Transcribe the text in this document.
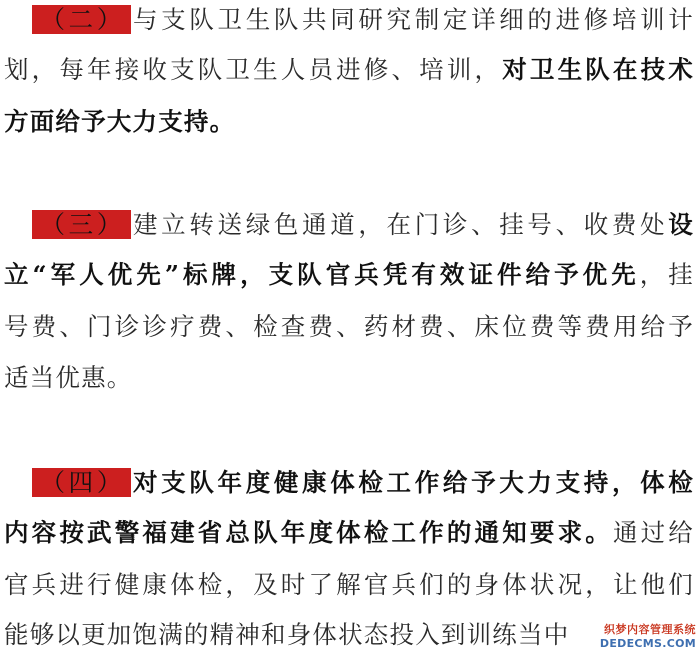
（二） 与支队卫生队共同研究制定详细的进修培训计
划，每年接收支队卫生人员进修、培训，对卫生队在技术
方面给予大力支持。
（三） 建立转送绿色通道，在门诊、挂号、收费处设
立“军人优先”标牌，支队官兵凭有效证件给予优先，挂
号费、门诊诊疗费、检查费、药材费、床位费等费用给予
适当优惠。
（四） 对支队年度健康体检工作给予大力支持，体检
内容按武警福建省总队年度体检工作的通知要求。通过给
官兵进行健康体检，及时了解官兵们的身体状况，让他们
能够以更加饱满的精神和身体状态投入到训练当中	织梦内容管理系统
DEDECMS.COM
